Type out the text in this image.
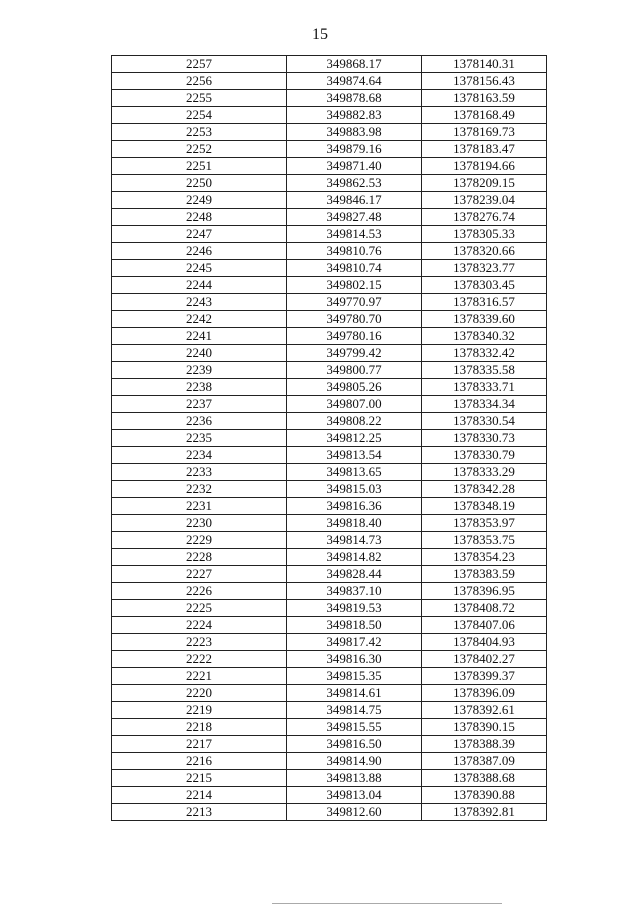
15
2257	349868.17	1378140.31
2256	349874.64	1378156.43
2255	349878.68	1378163.59
2254	349882.83	1378168.49
2253	349883.98	1378169.73
2252	349879.16	1378183.47
2251	349871.40	1378194.66
2250	349862.53	1378209.15
2249	349846.17	1378239.04
2248	349827.48	1378276.74
2247	349814.53	1378305.33
2246	349810.76	1378320.66
2245	349810.74	1378323.77
2244	349802.15	1378303.45
2243	349770.97	1378316.57
2242	349780.70	1378339.60
2241	349780.16	1378340.32
2240	349799.42	1378332.42
2239	349800.77	1378335.58
2238	349805.26	1378333.71
2237	349807.00	1378334.34
2236	349808.22	1378330.54
2235	349812.25	1378330.73
2234	349813.54	1378330.79
2233	349813.65	1378333.29
2232	349815.03	1378342.28
2231	349816.36	1378348.19
2230	349818.40	1378353.97
2229	349814.73	1378353.75
2228	349814.82	1378354.23
2227	349828.44	1378383.59
2226	349837.10	1378396.95
2225	349819.53	1378408.72
2224	349818.50	1378407.06
2223	349817.42	1378404.93
2222	349816.30	1378402.27
2221	349815.35	1378399.37
2220	349814.61	1378396.09
2219	349814.75	1378392.61
2218	349815.55	1378390.15
2217	349816.50	1378388.39
2216	349814.90	1378387.09
2215	349813.88	1378388.68
2214	349813.04	1378390.88
2213	349812.60	1378392.81
